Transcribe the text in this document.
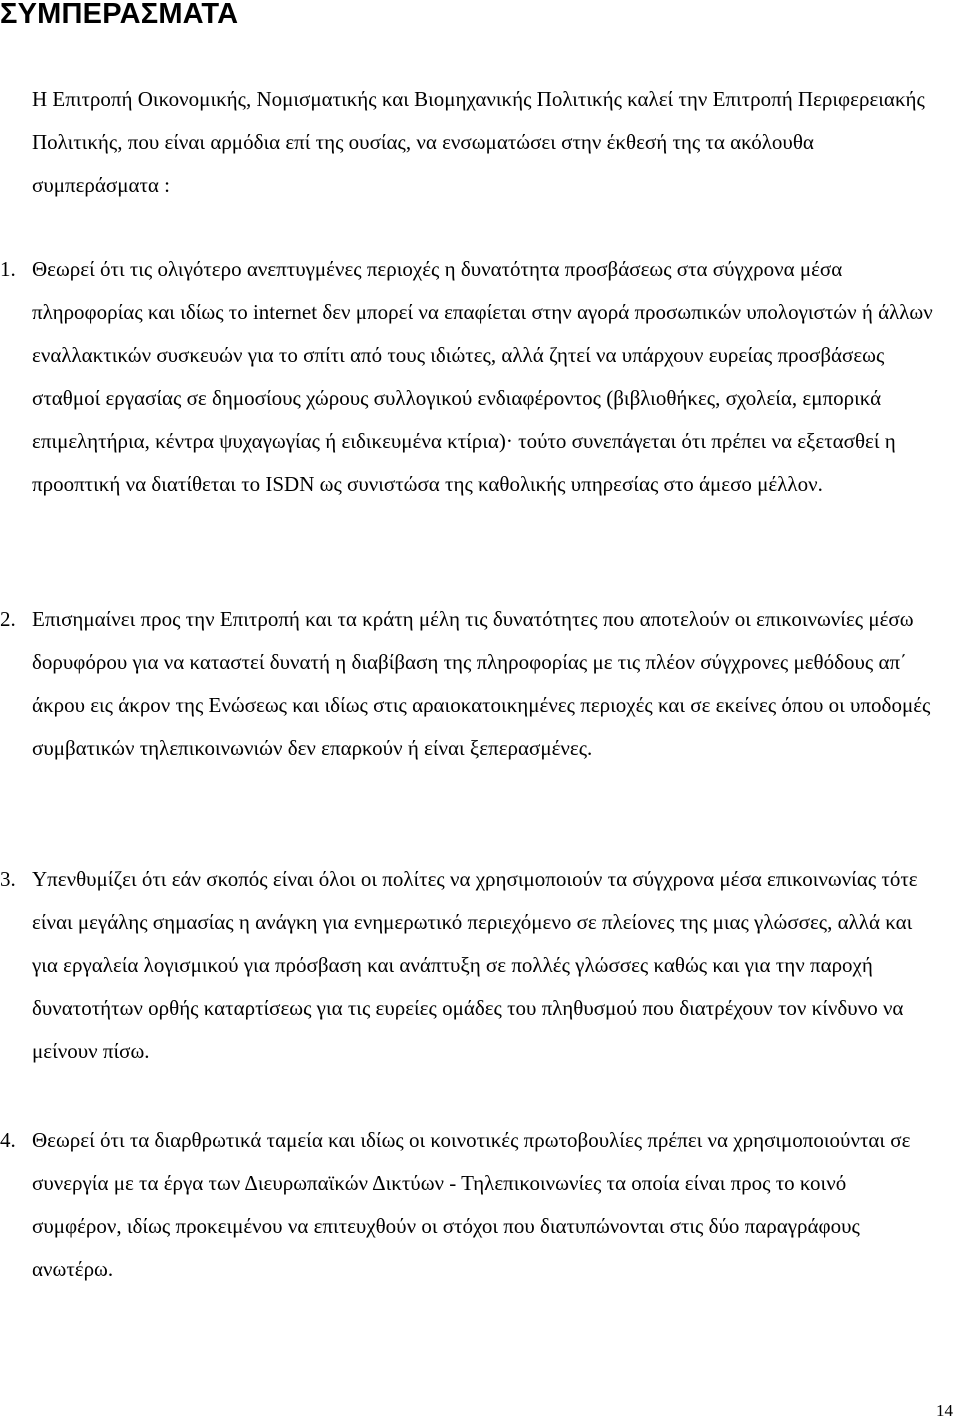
ΣΥΜΠΕΡΑΣΜΑΤΑ

Η Επιτροπή Οικονομικής, Νομισματικής και Βιομηχανικής Πολιτικής καλεί την Επιτροπή Περιφερειακής Πολιτικής, που είναι αρμόδια επί της ουσίας, να ενσωματώσει στην έκθεσή της τα ακόλουθα συμπεράσματα :

1. Θεωρεί ότι τις ολιγότερο ανεπτυγμένες περιοχές η δυνατότητα προσβάσεως στα σύγχρονα μέσα πληροφορίας και ιδίως το internet δεν μπορεί να επαφίεται στην αγορά προσωπικών υπολογιστών ή άλλων εναλλακτικών συσκευών για το σπίτι από τους ιδιώτες, αλλά ζητεί να υπάρχουν ευρείας προσβάσεως σταθμοί εργασίας σε δημοσίους χώρους συλλογικού ενδιαφέροντος (βιβλιοθήκες, σχολεία, εμπορικά επιμελητήρια, κέντρα ψυχαγωγίας ή ειδικευμένα κτίρια)· τούτο συνεπάγεται ότι πρέπει να εξετασθεί η προοπτική να διατίθεται το ISDN ως συνιστώσα της καθολικής υπηρεσίας στο άμεσο μέλλον.
2. Επισημαίνει προς την Επιτροπή και τα κράτη μέλη τις δυνατότητες που αποτελούν οι επικοινωνίες μέσω δορυφόρου για να καταστεί δυνατή η διαβίβαση της πληροφορίας με τις πλέον σύγχρονες μεθόδους απ΄ άκρου εις άκρον της Ενώσεως και ιδίως στις αραιοκατοικημένες περιοχές και σε εκείνες όπου οι υποδομές συμβατικών τηλεπικοινωνιών δεν επαρκούν ή είναι ξεπερασμένες.
3. Υπενθυμίζει ότι εάν σκοπός είναι όλοι οι πολίτες να χρησιμοποιούν τα σύγχρονα μέσα επικοινωνίας τότε είναι μεγάλης σημασίας η ανάγκη για ενημερωτικό περιεχόμενο σε πλείονες της μιας γλώσσες, αλλά και για εργαλεία λογισμικού για πρόσβαση και ανάπτυξη σε πολλές γλώσσες καθώς και για την παροχή δυνατοτήτων ορθής καταρτίσεως για τις ευρείες ομάδες του πληθυσμού που διατρέχουν τον κίνδυνο να μείνουν πίσω.
4. Θεωρεί ότι τα διαρθρωτικά ταμεία και ιδίως οι κοινοτικές πρωτοβουλίες πρέπει να χρησιμοποιούνται σε συνεργία με τα έργα των Διευρωπαϊκών Δικτύων - Τηλεπικοινωνίες τα οποία είναι προς το κοινό συμφέρον, ιδίως προκειμένου να επιτευχθούν οι στόχοι που διατυπώνονται στις δύο παραγράφους ανωτέρω.

14
